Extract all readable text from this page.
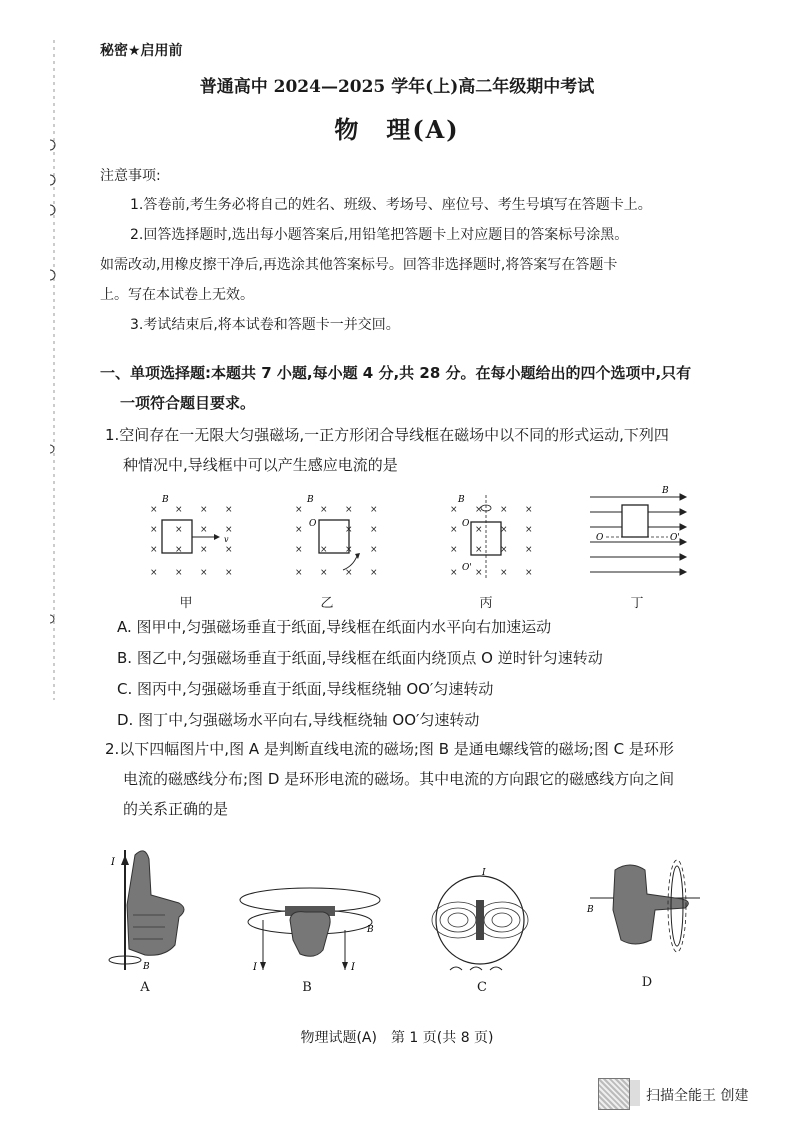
秘密★启用前
普通高中 2024—2025 学年(上)高二年级期中考试
物　理(A)
注意事项:

1.答卷前,考生务必将自己的姓名、班级、考场号、座位号、考生号填写在答题卡上。

2.回答选择题时,选出每小题答案后,用铅笔把答题卡上对应题目的答案标号涂黑。

如需改动,用橡皮擦干净后,再选涂其他答案标号。回答非选择题时,将答案写在答题卡

上。写在本试卷上无效。

3.考试结束后,将本试卷和答题卡一并交回。

一、单项选择题:本题共 7 小题,每小题 4 分,共 28 分。在每小题给出的四个选项中,只有
一项符合题目要求。
1.空间存在一无限大匀强磁场,一正方形闭合导线框在磁场中以不同的形式运动,下列四
种情况中,导线框中可以产生感应电流的是
× × × ×
× × × ×
× × × ×
× × × ×
B
v
甲
× × × ×
×	× ×
× × × ×
× × × ×
B
O
乙
× × × ×
× × × ×
× × × ×
× × × ×
B
O
O'
丙
B
O	O'
丁
A. 图甲中,匀强磁场垂直于纸面,导线框在纸面内水平向右加速运动
B. 图乙中,匀强磁场垂直于纸面,导线框在纸面内绕顶点 O 逆时针匀速转动
C. 图丙中,匀强磁场垂直于纸面,导线框绕轴 OO′匀速转动
D. 图丁中,匀强磁场水平向右,导线框绕轴 OO′匀速转动
2.以下四幅图片中,图 A 是判断直线电流的磁场;图 B 是通电螺线管的磁场;图 C 是环形
电流的磁感线分布;图 D 是环形电流的磁场。其中电流的方向跟它的磁感线方向之间
的关系正确的是
I
B
A
I	I
B
B
I
C
B
D
物理试题(A)　第 1 页(共 8 页)
扫描全能王 创建
